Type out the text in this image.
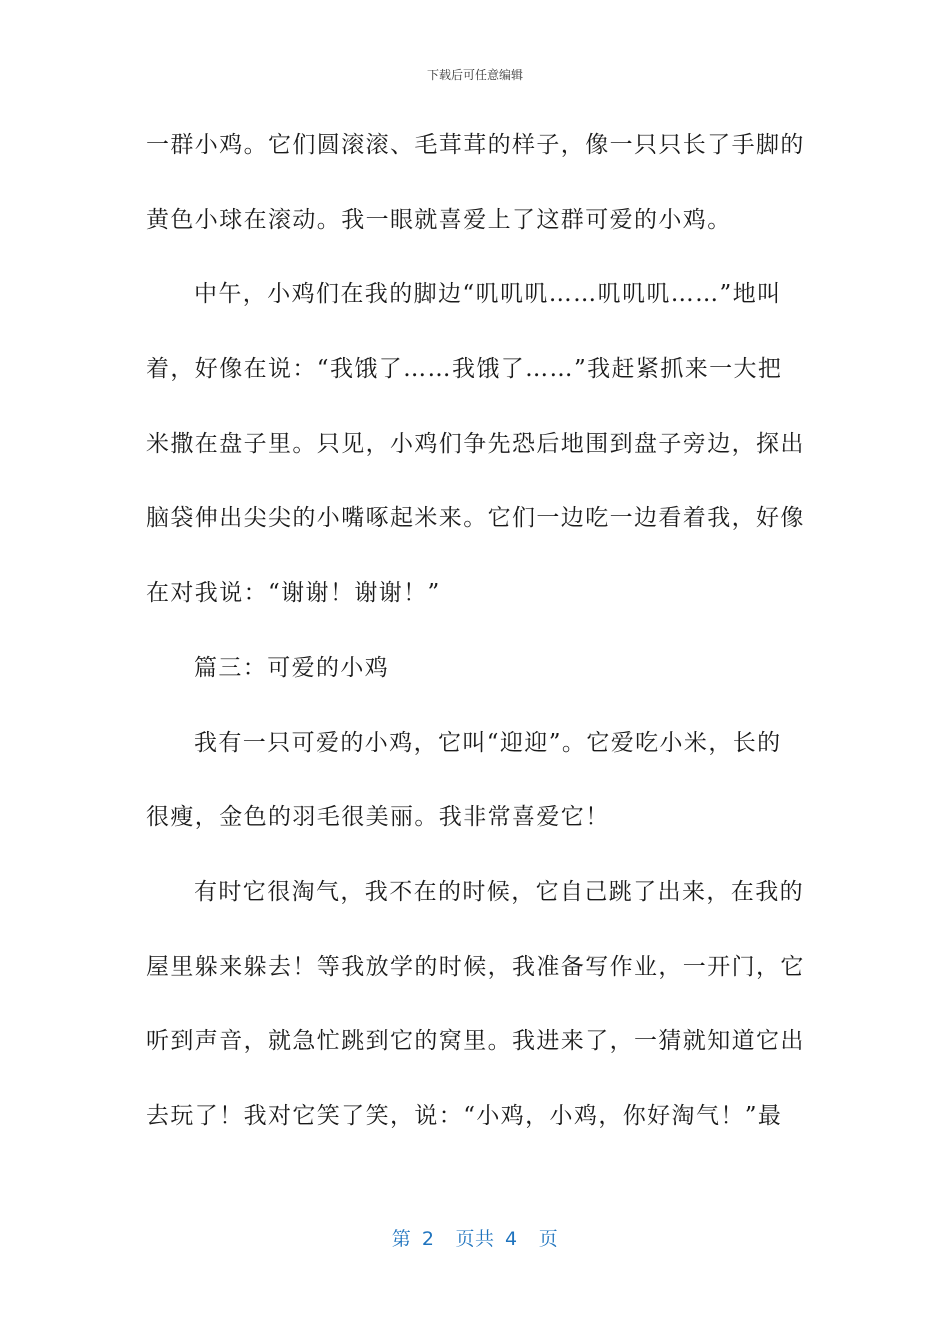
下载后可任意编辑
一群小鸡。它们圆滚滚、毛茸茸的样子，像一只只长了手脚的
黄色小球在滚动。我一眼就喜爱上了这群可爱的小鸡。
中午，小鸡们在我的脚边“叽叽叽……叽叽叽……”地叫
着，好像在说：“我饿了……我饿了……”我赶紧抓来一大把
米撒在盘子里。只见，小鸡们争先恐后地围到盘子旁边，探出
脑袋伸出尖尖的小嘴啄起米来。它们一边吃一边看着我，好像
在对我说：“谢谢！谢谢！”
篇三：可爱的小鸡
我有一只可爱的小鸡，它叫“迎迎”。它爱吃小米，长的
很瘦，金色的羽毛很美丽。我非常喜爱它！
有时它很淘气，我不在的时候，它自己跳了出来，在我的
屋里躲来躲去！等我放学的时候，我准备写作业，一开门，它
听到声音，就急忙跳到它的窝里。我进来了，一猜就知道它出
去玩了！我对它笑了笑，说：“小鸡，小鸡，你好淘气！”最
第 2  页共 4  页
